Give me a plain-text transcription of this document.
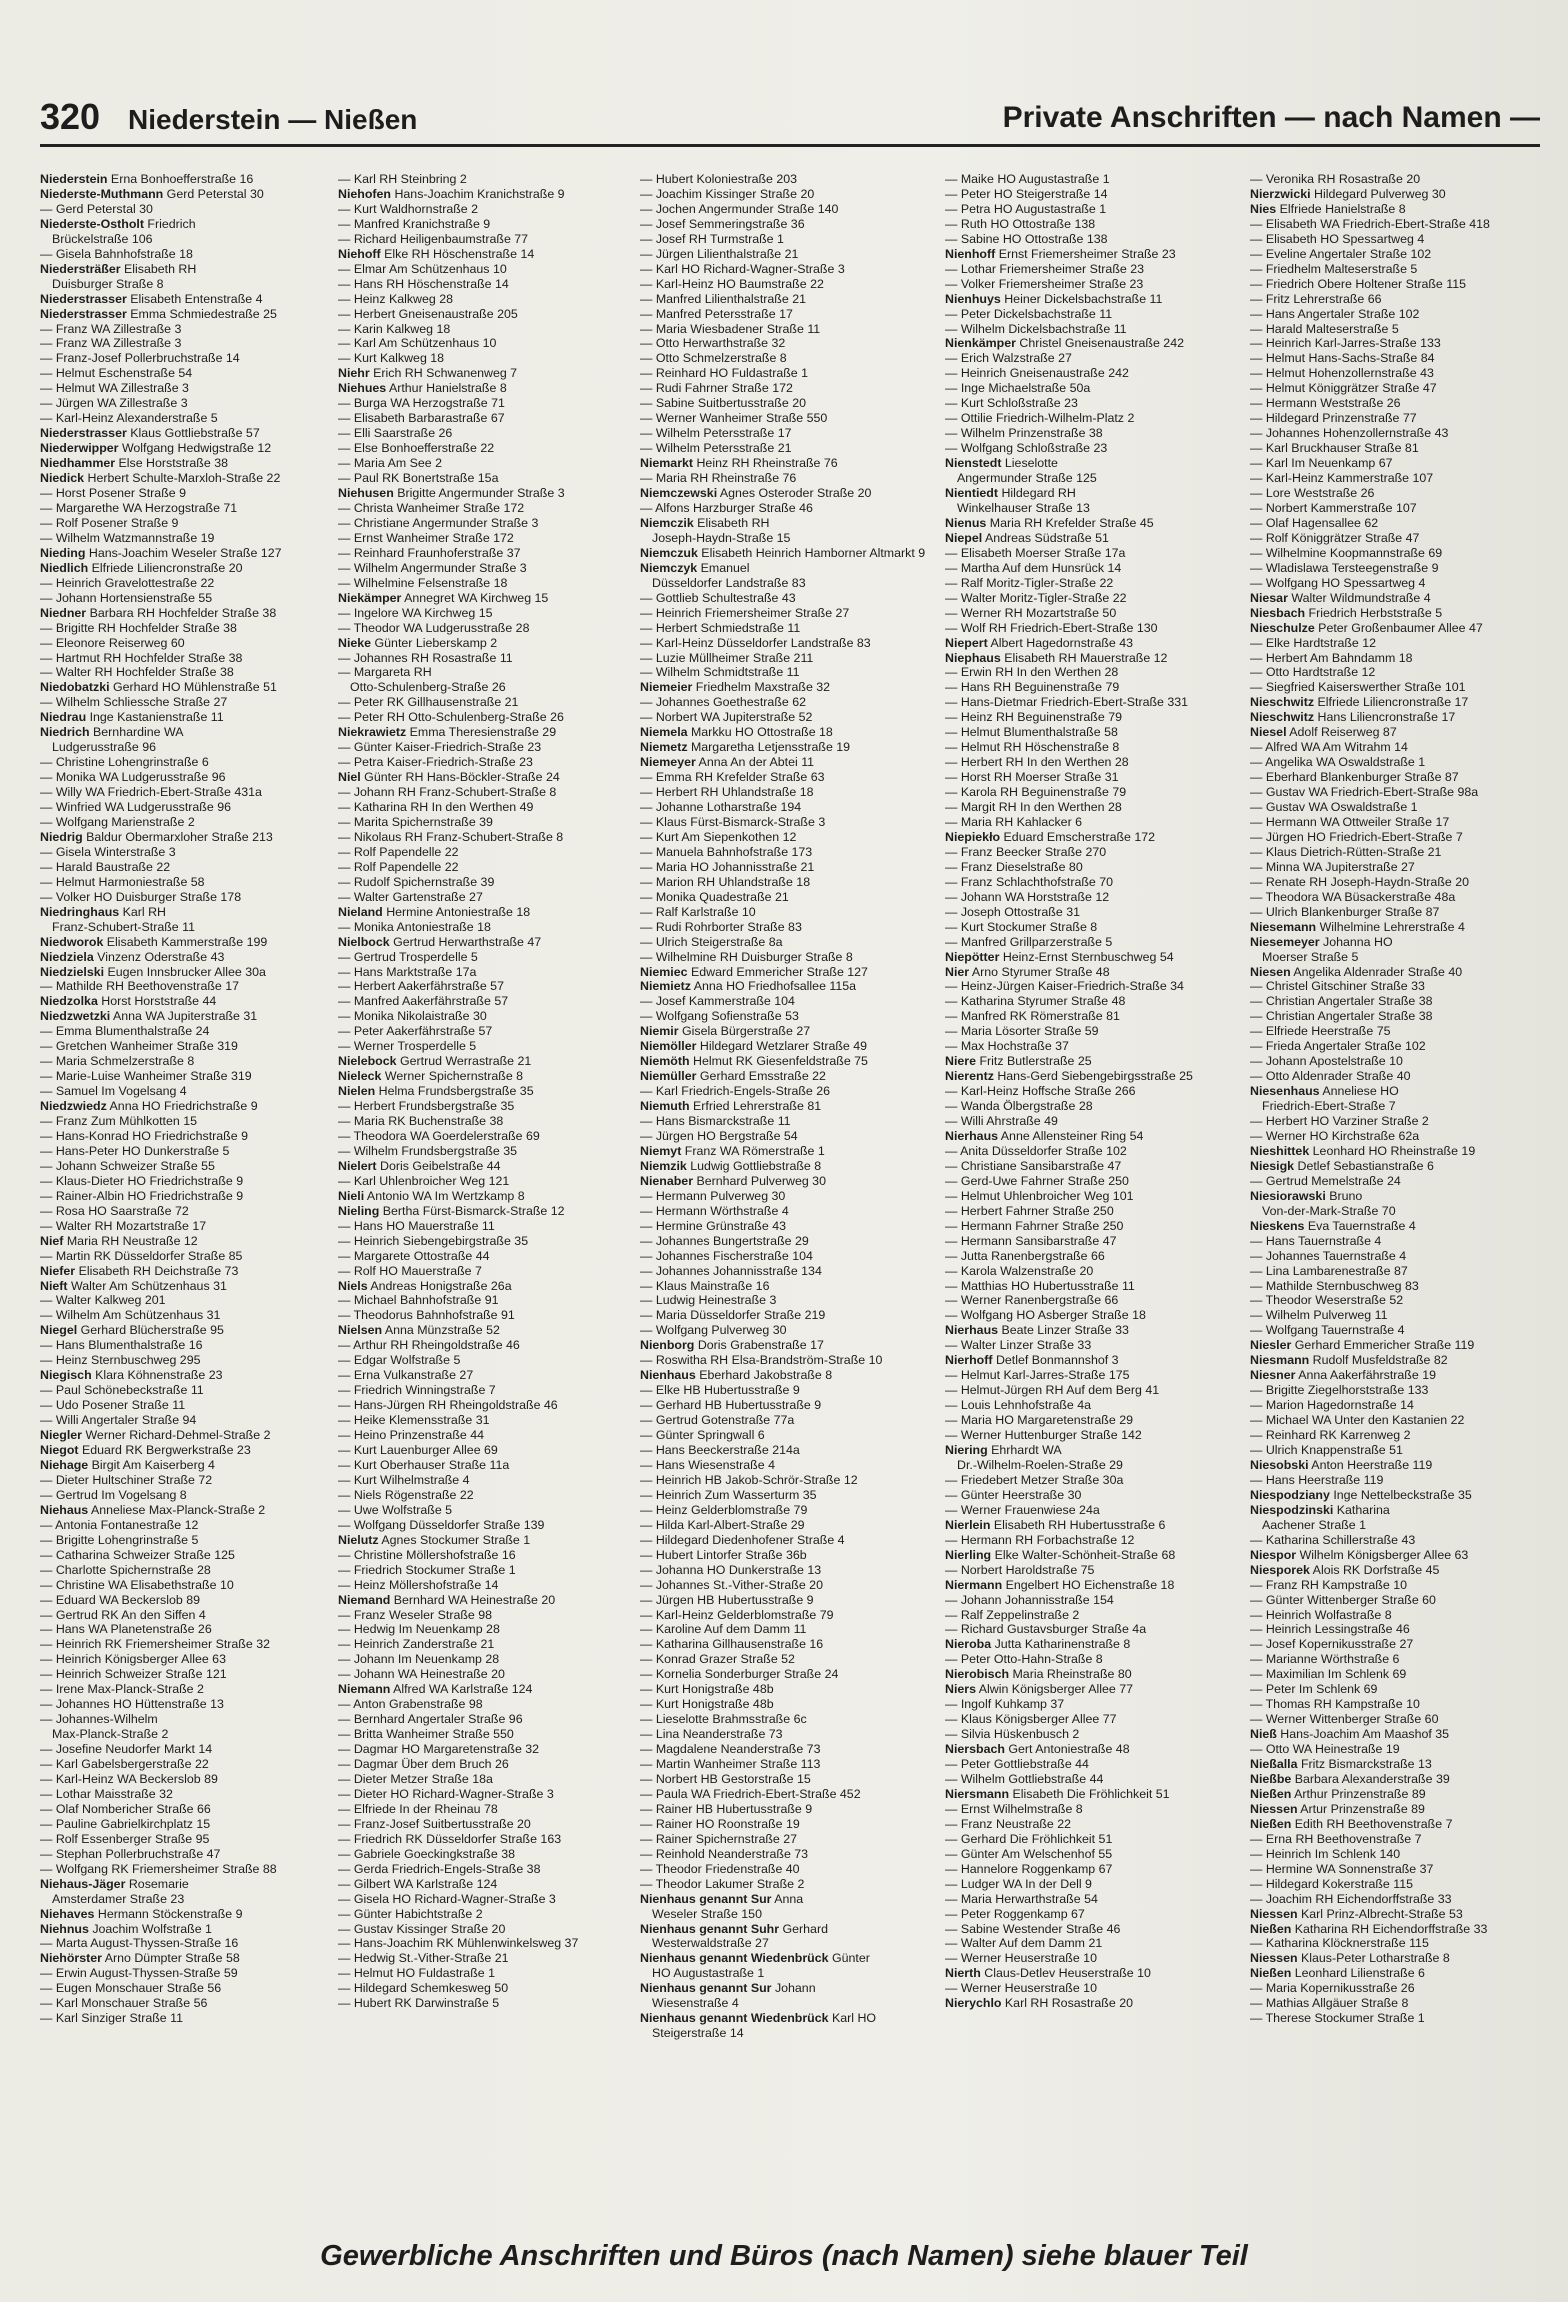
320 Niederstein — Nießen	Private Anschriften — nach Namen —
Niederstein Erna Bonhoefferstraße 16
Niederste-Muthmann Gerd Peterstal 30
— Gerd Peterstal 30
Niederste-Ostholt Friedrich
Brückelstraße 106
— Gisela Bahnhofstraße 18
Niedersträßer Elisabeth RH
Duisburger Straße 8
Niederstrasser Elisabeth Entenstraße 4
Niederstrasser Emma Schmiedestraße 25
— Franz WA Zillestraße 3
— Franz WA Zillestraße 3
— Franz-Josef Pollerbruchstraße 14
— Helmut Eschenstraße 54
— Helmut WA Zillestraße 3
— Jürgen WA Zillestraße 3
— Karl-Heinz Alexanderstraße 5
Niederstrasser Klaus Gottliebstraße 57
Niederwipper Wolfgang Hedwigstraße 12
Niedhammer Else Horststraße 38
Niedick Herbert Schulte-Marxloh-Straße 22
— Horst Posener Straße 9
— Margarethe WA Herzogstraße 71
— Rolf Posener Straße 9
— Wilhelm Watzmannstraße 19
Nieding Hans-Joachim Weseler Straße 127
Niedlich Elfriede Liliencronstraße 20
— Heinrich Gravelottestraße 22
— Johann Hortensienstraße 55
Niedner Barbara RH Hochfelder Straße 38
— Brigitte RH Hochfelder Straße 38
— Eleonore Reiserweg 60
— Hartmut RH Hochfelder Straße 38
— Walter RH Hochfelder Straße 38
Niedobatzki Gerhard HO Mühlenstraße 51
— Wilhelm Schliessche Straße 27
Niedrau Inge Kastanienstraße 11
Niedrich Bernhardine WA
Ludgerusstraße 96
— Christine Lohengrinstraße 6
— Monika WA Ludgerusstraße 96
— Willy WA Friedrich-Ebert-Straße 431a
— Winfried WA Ludgerusstraße 96
— Wolfgang Marienstraße 2
Niedrig Baldur Obermarxloher Straße 213
— Gisela Winterstraße 3
— Harald Baustraße 22
— Helmut Harmoniestraße 58
— Volker HO Duisburger Straße 178
Niedringhaus Karl RH
Franz-Schubert-Straße 11
Niedworok Elisabeth Kammerstraße 199
Niedziela Vinzenz Oderstraße 43
Niedzielski Eugen Innsbrucker Allee 30a
— Mathilde RH Beethovenstraße 17
Niedzolka Horst Horststraße 44
Niedzwetzki Anna WA Jupiterstraße 31
— Emma Blumenthalstraße 24
— Gretchen Wanheimer Straße 319
— Maria Schmelzerstraße 8
— Marie-Luise Wanheimer Straße 319
— Samuel Im Vogelsang 4
Niedzwiedz Anna HO Friedrichstraße 9
— Franz Zum Mühlkotten 15
— Hans-Konrad HO Friedrichstraße 9
— Hans-Peter HO Dunkerstraße 5
— Johann Schweizer Straße 55
— Klaus-Dieter HO Friedrichstraße 9
— Rainer-Albin HO Friedrichstraße 9
— Rosa HO Saarstraße 72
— Walter RH Mozartstraße 17
Nief Maria RH Neustraße 12
— Martin RK Düsseldorfer Straße 85
Niefer Elisabeth RH Deichstraße 73
Nieft Walter Am Schützenhaus 31
— Walter Kalkweg 201
— Wilhelm Am Schützenhaus 31
Niegel Gerhard Blücherstraße 95
— Hans Blumenthalstraße 16
— Heinz Sternbuschweg 295
Niegisch Klara Köhnenstraße 23
— Paul Schönebeckstraße 11
— Udo Posener Straße 11
— Willi Angertaler Straße 94
Niegler Werner Richard-Dehmel-Straße 2
Niegot Eduard RK Bergwerkstraße 23
Niehage Birgit Am Kaiserberg 4
— Dieter Hultschiner Straße 72
— Gertrud Im Vogelsang 8
Niehaus Anneliese Max-Planck-Straße 2
— Antonia Fontanestraße 12
— Brigitte Lohengrinstraße 5
— Catharina Schweizer Straße 125
— Charlotte Spichernstraße 28
— Christine WA Elisabethstraße 10
— Eduard WA Beckerslob 89
— Gertrud RK An den Siffen 4
— Hans WA Planetenstraße 26
— Heinrich RK Friemersheimer Straße 32
— Heinrich Königsberger Allee 63
— Heinrich Schweizer Straße 121
— Irene Max-Planck-Straße 2
— Johannes HO Hüttenstraße 13
— Johannes-Wilhelm
Max-Planck-Straße 2
— Josefine Neudorfer Markt 14
— Karl Gabelsbergerstraße 22
— Karl-Heinz WA Beckerslob 89
— Lothar Maisstraße 32
— Olaf Nombericher Straße 66
— Pauline Gabrielkirchplatz 15
— Rolf Essenberger Straße 95
— Stephan Pollerbruchstraße 47
— Wolfgang RK Friemersheimer Straße 88
Niehaus-Jäger Rosemarie
Amsterdamer Straße 23
Niehaves Hermann Stöckenstraße 9
Niehnus Joachim Wolfstraße 1
— Marta August-Thyssen-Straße 16
Niehörster Arno Dümpter Straße 58
— Erwin August-Thyssen-Straße 59
— Eugen Monschauer Straße 56
— Karl Monschauer Straße 56
— Karl Sinziger Straße 11
— Karl RH Steinbring 2
Niehofen Hans-Joachim Kranichstraße 9
— Kurt Waldhornstraße 2
— Manfred Kranichstraße 9
— Richard Heiligenbaumstraße 77
Niehoff Elke RH Höschenstraße 14
— Elmar Am Schützenhaus 10
— Hans RH Höschenstraße 14
— Heinz Kalkweg 28
— Herbert Gneisenaustraße 205
— Karin Kalkweg 18
— Karl Am Schützenhaus 10
— Kurt Kalkweg 18
Niehr Erich RH Schwanenweg 7
Niehues Arthur Hanielstraße 8
— Burga WA Herzogstraße 71
— Elisabeth Barbarastraße 67
— Elli Saarstraße 26
— Else Bonhoefferstraße 22
— Maria Am See 2
— Paul RK Bonertstraße 15a
Niehusen Brigitte Angermunder Straße 3
— Christa Wanheimer Straße 172
— Christiane Angermunder Straße 3
— Ernst Wanheimer Straße 172
— Reinhard Fraunhoferstraße 37
— Wilhelm Angermunder Straße 3
— Wilhelmine Felsenstraße 18
Niekämper Annegret WA Kirchweg 15
— Ingelore WA Kirchweg 15
— Theodor WA Ludgerusstraße 28
Nieke Günter Lieberskamp 2
— Johannes RH Rosastraße 11
— Margareta RH
Otto-Schulenberg-Straße 26
— Peter RK Gillhausenstraße 21
— Peter RH Otto-Schulenberg-Straße 26
Niekrawietz Emma Theresienstraße 29
— Günter Kaiser-Friedrich-Straße 23
— Petra Kaiser-Friedrich-Straße 23
Niel Günter RH Hans-Böckler-Straße 24
— Johann RH Franz-Schubert-Straße 8
— Katharina RH In den Werthen 49
— Marita Spichernstraße 39
— Nikolaus RH Franz-Schubert-Straße 8
— Rolf Papendelle 22
— Rolf Papendelle 22
— Rudolf Spichernstraße 39
— Walter Gartenstraße 27
Nieland Hermine Antoniestraße 18
— Monika Antoniestraße 18
Nielbock Gertrud Herwarthstraße 47
— Gertrud Trosperdelle 5
— Hans Marktstraße 17a
— Herbert Aakerfährstraße 57
— Manfred Aakerfährstraße 57
— Monika Nikolaistraße 30
— Peter Aakerfährstraße 57
— Werner Trosperdelle 5
Nielebock Gertrud Werrastraße 21
Nieleck Werner Spichernstraße 8
Nielen Helma Frundsbergstraße 35
— Herbert Frundsbergstraße 35
— Maria RK Buchenstraße 38
— Theodora WA Goerdelerstraße 69
— Wilhelm Frundsbergstraße 35
Nielert Doris Geibelstraße 44
— Karl Uhlenbroicher Weg 121
Nieli Antonio WA Im Wertzkamp 8
Nieling Bertha Fürst-Bismarck-Straße 12
— Hans HO Mauerstraße 11
— Heinrich Siebengebirgstraße 35
— Margarete Ottostraße 44
— Rolf HO Mauerstraße 7
Niels Andreas Honigstraße 26a
— Michael Bahnhofstraße 91
— Theodorus Bahnhofstraße 91
Nielsen Anna Münzstraße 52
— Arthur RH Rheingoldstraße 46
— Edgar Wolfstraße 5
— Erna Vulkanstraße 27
— Friedrich Winningstraße 7
— Hans-Jürgen RH Rheingoldstraße 46
— Heike Klemensstraße 31
— Heino Prinzenstraße 44
— Kurt Lauenburger Allee 69
— Kurt Oberhauser Straße 11a
— Kurt Wilhelmstraße 4
— Niels Rögenstraße 22
— Uwe Wolfstraße 5
— Wolfgang Düsseldorfer Straße 139
Nielutz Agnes Stockumer Straße 1
— Christine Möllershofstraße 16
— Friedrich Stockumer Straße 1
— Heinz Möllershofstraße 14
Niemand Bernhard WA Heinestraße 20
— Franz Weseler Straße 98
— Hedwig Im Neuenkamp 28
— Heinrich Zanderstraße 21
— Johann Im Neuenkamp 28
— Johann WA Heinestraße 20
Niemann Alfred WA Karlstraße 124
— Anton Grabenstraße 98
— Bernhard Angertaler Straße 96
— Britta Wanheimer Straße 550
— Dagmar HO Margaretenstraße 32
— Dagmar Über dem Bruch 26
— Dieter Metzer Straße 18a
— Dieter HO Richard-Wagner-Straße 3
— Elfriede In der Rheinau 78
— Franz-Josef Suitbertusstraße 20
— Friedrich RK Düsseldorfer Straße 163
— Gabriele Goeckingkstraße 38
— Gerda Friedrich-Engels-Straße 38
— Gilbert WA Karlstraße 124
— Gisela HO Richard-Wagner-Straße 3
— Günter Habichtstraße 2
— Gustav Kissinger Straße 20
— Hans-Joachim RK Mühlenwinkelsweg 37
— Hedwig St.-Vither-Straße 21
— Helmut HO Fuldastraße 1
— Hildegard Schemkesweg 50
— Hubert RK Darwinstraße 5
— Hubert Koloniestraße 203
— Joachim Kissinger Straße 20
— Jochen Angermunder Straße 140
— Josef Semmeringstraße 36
— Josef RH Turmstraße 1
— Jürgen Lilienthalstraße 21
— Karl HO Richard-Wagner-Straße 3
— Karl-Heinz HO Baumstraße 22
— Manfred Lilienthalstraße 21
— Manfred Petersstraße 17
— Maria Wiesbadener Straße 11
— Otto Herwarthstraße 32
— Otto Schmelzerstraße 8
— Reinhard HO Fuldastraße 1
— Rudi Fahrner Straße 172
— Sabine Suitbertusstraße 20
— Werner Wanheimer Straße 550
— Wilhelm Petersstraße 17
— Wilhelm Petersstraße 21
Niemarkt Heinz RH Rheinstraße 76
— Maria RH Rheinstraße 76
Niemczewski Agnes Osteroder Straße 20
— Alfons Harzburger Straße 46
Niemczik Elisabeth RH
Joseph-Haydn-Straße 15
Niemczuk Elisabeth Heinrich Hamborner Altmarkt 9
Niemczyk Emanuel
Düsseldorfer Landstraße 83
— Gottlieb Schultestraße 43
— Heinrich Friemersheimer Straße 27
— Herbert Schmiedstraße 11
— Karl-Heinz Düsseldorfer Landstraße 83
— Luzie Müllheimer Straße 211
— Wilhelm Schmidtstraße 11
Niemeier Friedhelm Maxstraße 32
— Johannes Goethestraße 62
— Norbert WA Jupiterstraße 52
Niemela Markku HO Ottostraße 18
Niemetz Margaretha Letjensstraße 19
Niemeyer Anna An der Abtei 11
— Emma RH Krefelder Straße 63
— Herbert RH Uhlandstraße 18
— Johanne Lotharstraße 194
— Klaus Fürst-Bismarck-Straße 3
— Kurt Am Siepenkothen 12
— Manuela Bahnhofstraße 173
— Maria HO Johannisstraße 21
— Marion RH Uhlandstraße 18
— Monika Quadestraße 21
— Ralf Karlstraße 10
— Rudi Rohrborter Straße 83
— Ulrich Steigerstraße 8a
— Wilhelmine RH Duisburger Straße 8
Niemiec Edward Emmericher Straße 127
Niemietz Anna HO Friedhofsallee 115a
— Josef Kammerstraße 104
— Wolfgang Sofienstraße 53
Niemir Gisela Bürgerstraße 27
Niemöller Hildegard Wetzlarer Straße 49
Niemöth Helmut RK Giesenfeldstraße 75
Niemüller Gerhard Emsstraße 22
— Karl Friedrich-Engels-Straße 26
Niemuth Erfried Lehrerstraße 81
— Hans Bismarckstraße 11
— Jürgen HO Bergstraße 54
Niemyt Franz WA Römerstraße 1
Niemzik Ludwig Gottliebstraße 8
Nienaber Bernhard Pulverweg 30
— Hermann Pulverweg 30
— Hermann Wörthstraße 4
— Hermine Grünstraße 43
— Johannes Bungertstraße 29
— Johannes Fischerstraße 104
— Johannes Johannisstraße 134
— Klaus Mainstraße 16
— Ludwig Heinestraße 3
— Maria Düsseldorfer Straße 219
— Wolfgang Pulverweg 30
Nienborg Doris Grabenstraße 17
— Roswitha RH Elsa-Brandström-Straße 10
Nienhaus Eberhard Jakobstraße 8
— Elke HB Hubertusstraße 9
— Gerhard HB Hubertusstraße 9
— Gertrud Gotenstraße 77a
— Günter Springwall 6
— Hans Beeckerstraße 214a
— Hans Wiesenstraße 4
— Heinrich HB Jakob-Schrör-Straße 12
— Heinrich Zum Wasserturm 35
— Heinz Gelderblomstraße 79
— Hilda Karl-Albert-Straße 29
— Hildegard Diedenhofener Straße 4
— Hubert Lintorfer Straße 36b
— Johanna HO Dunkerstraße 13
— Johannes St.-Vither-Straße 20
— Jürgen HB Hubertusstraße 9
— Karl-Heinz Gelderblomstraße 79
— Karoline Auf dem Damm 11
— Katharina Gillhausenstraße 16
— Konrad Grazer Straße 52
— Kornelia Sonderburger Straße 24
— Kurt Honigstraße 48b
— Kurt Honigstraße 48b
— Lieselotte Brahmsstraße 6c
— Lina Neanderstraße 73
— Magdalene Neanderstraße 73
— Martin Wanheimer Straße 113
— Norbert HB Gestorstraße 15
— Paula WA Friedrich-Ebert-Straße 452
— Rainer HB Hubertusstraße 9
— Rainer HO Roonstraße 19
— Rainer Spichernstraße 27
— Reinhold Neanderstraße 73
— Theodor Friedenstraße 40
— Theodor Lakumer Straße 2
Nienhaus genannt Sur Anna
Weseler Straße 150
Nienhaus genannt Suhr Gerhard
Westerwaldstraße 27
Nienhaus genannt Wiedenbrück Günter
HO Augustastraße 1
Nienhaus genannt Sur Johann
Wiesenstraße 4
Nienhaus genannt Wiedenbrück Karl HO
Steigerstraße 14
— Maike HO Augustastraße 1
— Peter HO Steigerstraße 14
— Petra HO Augustastraße 1
— Ruth HO Ottostraße 138
— Sabine HO Ottostraße 138
Nienhoff Ernst Friemersheimer Straße 23
— Lothar Friemersheimer Straße 23
— Volker Friemersheimer Straße 23
Nienhuys Heiner Dickelsbachstraße 11
— Peter Dickelsbachstraße 11
— Wilhelm Dickelsbachstraße 11
Nienkämper Christel Gneisenaustraße 242
— Erich Walzstraße 27
— Heinrich Gneisenaustraße 242
— Inge Michaelstraße 50a
— Kurt Schloßstraße 23
— Ottilie Friedrich-Wilhelm-Platz 2
— Wilhelm Prinzenstraße 38
— Wolfgang Schloßstraße 23
Nienstedt Lieselotte
Angermunder Straße 125
Nientiedt Hildegard RH
Winkelhauser Straße 13
Nienus Maria RH Krefelder Straße 45
Niepel Andreas Südstraße 51
— Elisabeth Moerser Straße 17a
— Martha Auf dem Hunsrück 14
— Ralf Moritz-Tigler-Straße 22
— Walter Moritz-Tigler-Straße 22
— Werner RH Mozartstraße 50
— Wolf RH Friedrich-Ebert-Straße 130
Niepert Albert Hagedornstraße 43
Niephaus Elisabeth RH Mauerstraße 12
— Erwin RH In den Werthen 28
— Hans RH Beguinenstraße 79
— Hans-Dietmar Friedrich-Ebert-Straße 331
— Heinz RH Beguinenstraße 79
— Helmut Blumenthalstraße 58
— Helmut RH Höschenstraße 8
— Herbert RH In den Werthen 28
— Horst RH Moerser Straße 31
— Karola RH Beguinenstraße 79
— Margit RH In den Werthen 28
— Maria RH Kahlacker 6
Niepiekło Eduard Emscherstraße 172
— Franz Beecker Straße 270
— Franz Dieselstraße 80
— Franz Schlachthofstraße 70
— Johann WA Horststraße 12
— Joseph Ottostraße 31
— Kurt Stockumer Straße 8
— Manfred Grillparzerstraße 5
Niepötter Heinz-Ernst Sternbuschweg 54
Nier Arno Styrumer Straße 48
— Heinz-Jürgen Kaiser-Friedrich-Straße 34
— Katharina Styrumer Straße 48
— Manfred RK Römerstraße 81
— Maria Lösorter Straße 59
— Max Hochstraße 37
Niere Fritz Butlerstraße 25
Nierentz Hans-Gerd Siebengebirgsstraße 25
— Karl-Heinz Hoffsche Straße 266
— Wanda Ölbergstraße 28
— Willi Ahrstraße 49
Nierhaus Anne Allensteiner Ring 54
— Anita Düsseldorfer Straße 102
— Christiane Sansibarstraße 47
— Gerd-Uwe Fahrner Straße 250
— Helmut Uhlenbroicher Weg 101
— Herbert Fahrner Straße 250
— Hermann Fahrner Straße 250
— Hermann Sansibarstraße 47
— Jutta Ranenbergstraße 66
— Karola Walzenstraße 20
— Matthias HO Hubertusstraße 11
— Werner Ranenbergstraße 66
— Wolfgang HO Asberger Straße 18
Nierhaus Beate Linzer Straße 33
— Walter Linzer Straße 33
Nierhoff Detlef Bonmannshof 3
— Helmut Karl-Jarres-Straße 175
— Helmut-Jürgen RH Auf dem Berg 41
— Louis Lehnhofstraße 4a
— Maria HO Margaretenstraße 29
— Werner Huttenburger Straße 142
Niering Ehrhardt WA
Dr.-Wilhelm-Roelen-Straße 29
— Friedebert Metzer Straße 30a
— Günter Heerstraße 30
— Werner Frauenwiese 24a
Nierlein Elisabeth RH Hubertusstraße 6
— Hermann RH Forbachstraße 12
Nierling Elke Walter-Schönheit-Straße 68
— Norbert Haroldstraße 75
Niermann Engelbert HO Eichenstraße 18
— Johann Johannisstraße 154
— Ralf Zeppelinstraße 2
— Richard Gustavsburger Straße 4a
Nieroba Jutta Katharinenstraße 8
— Peter Otto-Hahn-Straße 8
Nierobisch Maria Rheinstraße 80
Niers Alwin Königsberger Allee 77
— Ingolf Kuhkamp 37
— Klaus Königsberger Allee 77
— Silvia Hüskenbusch 2
Niersbach Gert Antoniestraße 48
— Peter Gottliebstraße 44
— Wilhelm Gottliebstraße 44
Niersmann Elisabeth Die Fröhlichkeit 51
— Ernst Wilhelmstraße 8
— Franz Neustraße 22
— Gerhard Die Fröhlichkeit 51
— Günter Am Welschenhof 55
— Hannelore Roggenkamp 67
— Ludger WA In der Dell 9
— Maria Herwarthstraße 54
— Peter Roggenkamp 67
— Sabine Westender Straße 46
— Walter Auf dem Damm 21
— Werner Heuserstraße 10
Nierth Claus-Detlev Heuserstraße 10
— Werner Heuserstraße 10
Nierychlo Karl RH Rosastraße 20
— Veronika RH Rosastraße 20
Nierzwicki Hildegard Pulverweg 30
Nies Elfriede Hanielstraße 8
— Elisabeth WA Friedrich-Ebert-Straße 418
— Elisabeth HO Spessartweg 4
— Eveline Angertaler Straße 102
— Friedhelm Malteserstraße 5
— Friedrich Obere Holtener Straße 115
— Fritz Lehrerstraße 66
— Hans Angertaler Straße 102
— Harald Malteserstraße 5
— Heinrich Karl-Jarres-Straße 133
— Helmut Hans-Sachs-Straße 84
— Helmut Hohenzollernstraße 43
— Helmut Königgrätzer Straße 47
— Hermann Weststraße 26
— Hildegard Prinzenstraße 77
— Johannes Hohenzollernstraße 43
— Karl Bruckhauser Straße 81
— Karl Im Neuenkamp 67
— Karl-Heinz Kammerstraße 107
— Lore Weststraße 26
— Norbert Kammerstraße 107
— Olaf Hagensallee 62
— Rolf Königgrätzer Straße 47
— Wilhelmine Koopmannstraße 69
— Wladislawa Tersteegenstraße 9
— Wolfgang HO Spessartweg 4
Niesar Walter Wildmundstraße 4
Niesbach Friedrich Herbststraße 5
Nieschulze Peter Großenbaumer Allee 47
— Elke Hardtstraße 12
— Herbert Am Bahndamm 18
— Otto Hardtstraße 12
— Siegfried Kaiserswerther Straße 101
Nieschwitz Elfriede Liliencronstraße 17
Nieschwitz Hans Liliencronstraße 17
Niesel Adolf Reiserweg 87
— Alfred WA Am Witrahm 14
— Angelika WA Oswaldstraße 1
— Eberhard Blankenburger Straße 87
— Gustav WA Friedrich-Ebert-Straße 98a
— Gustav WA Oswaldstraße 1
— Hermann WA Ottweiler Straße 17
— Jürgen HO Friedrich-Ebert-Straße 7
— Klaus Dietrich-Rütten-Straße 21
— Minna WA Jupiterstraße 27
— Renate RH Joseph-Haydn-Straße 20
— Theodora WA Büsackerstraße 48a
— Ulrich Blankenburger Straße 87
Niesemann Wilhelmine Lehrerstraße 4
Niesemeyer Johanna HO
Moerser Straße 5
Niesen Angelika Aldenrader Straße 40
— Christel Gitschiner Straße 33
— Christian Angertaler Straße 38
— Christian Angertaler Straße 38
— Elfriede Heerstraße 75
— Frieda Angertaler Straße 102
— Johann Apostelstraße 10
— Otto Aldenrader Straße 40
Niesenhaus Anneliese HO
Friedrich-Ebert-Straße 7
— Herbert HO Varziner Straße 2
— Werner HO Kirchstraße 62a
Nieshittek Leonhard HO Rheinstraße 19
Niesigk Detlef Sebastianstraße 6
— Gertrud Memelstraße 24
Niesiorawski Bruno
Von-der-Mark-Straße 70
Nieskens Eva Tauernstraße 4
— Hans Tauernstraße 4
— Johannes Tauernstraße 4
— Lina Lambarenestraße 87
— Mathilde Sternbuschweg 83
— Theodor Weserstraße 52
— Wilhelm Pulverweg 11
— Wolfgang Tauernstraße 4
Niesler Gerhard Emmericher Straße 119
Niesmann Rudolf Musfeldstraße 82
Niesner Anna Aakerfährstraße 19
— Brigitte Ziegelhorststraße 133
— Marion Hagedornstraße 14
— Michael WA Unter den Kastanien 22
— Reinhard RK Karrenweg 2
— Ulrich Knappenstraße 51
Niesobski Anton Heerstraße 119
— Hans Heerstraße 119
Niespodziany Inge Nettelbeckstraße 35
Niespodzinski Katharina
Aachener Straße 1
— Katharina Schillerstraße 43
Niespor Wilhelm Königsberger Allee 63
Niesporek Alois RK Dorfstraße 45
— Franz RH Kampstraße 10
— Günter Wittenberger Straße 60
— Heinrich Wolfastraße 8
— Heinrich Lessingstraße 46
— Josef Kopernikusstraße 27
— Marianne Wörthstraße 6
— Maximilian Im Schlenk 69
— Peter Im Schlenk 69
— Thomas RH Kampstraße 10
— Werner Wittenberger Straße 60
Nieß Hans-Joachim Am Maashof 35
— Otto WA Heinestraße 19
Nießalla Fritz Bismarckstraße 13
Nießbe Barbara Alexanderstraße 39
Nießen Arthur Prinzenstraße 89
Niessen Artur Prinzenstraße 89
Nießen Edith RH Beethovenstraße 7
— Erna RH Beethovenstraße 7
— Heinrich Im Schlenk 140
— Hermine WA Sonnenstraße 37
— Hildegard Kokerstraße 115
— Joachim RH Eichendorffstraße 33
Niessen Karl Prinz-Albrecht-Straße 53
Nießen Katharina RH Eichendorffstraße 33
— Katharina Klöcknerstraße 115
Niessen Klaus-Peter Lotharstraße 8
Nießen Leonhard Lilienstraße 6
— Maria Kopernikusstraße 26
— Mathias Allgäuer Straße 8
— Therese Stockumer Straße 1
Gewerbliche Anschriften und Büros (nach Namen) siehe blauer Teil
